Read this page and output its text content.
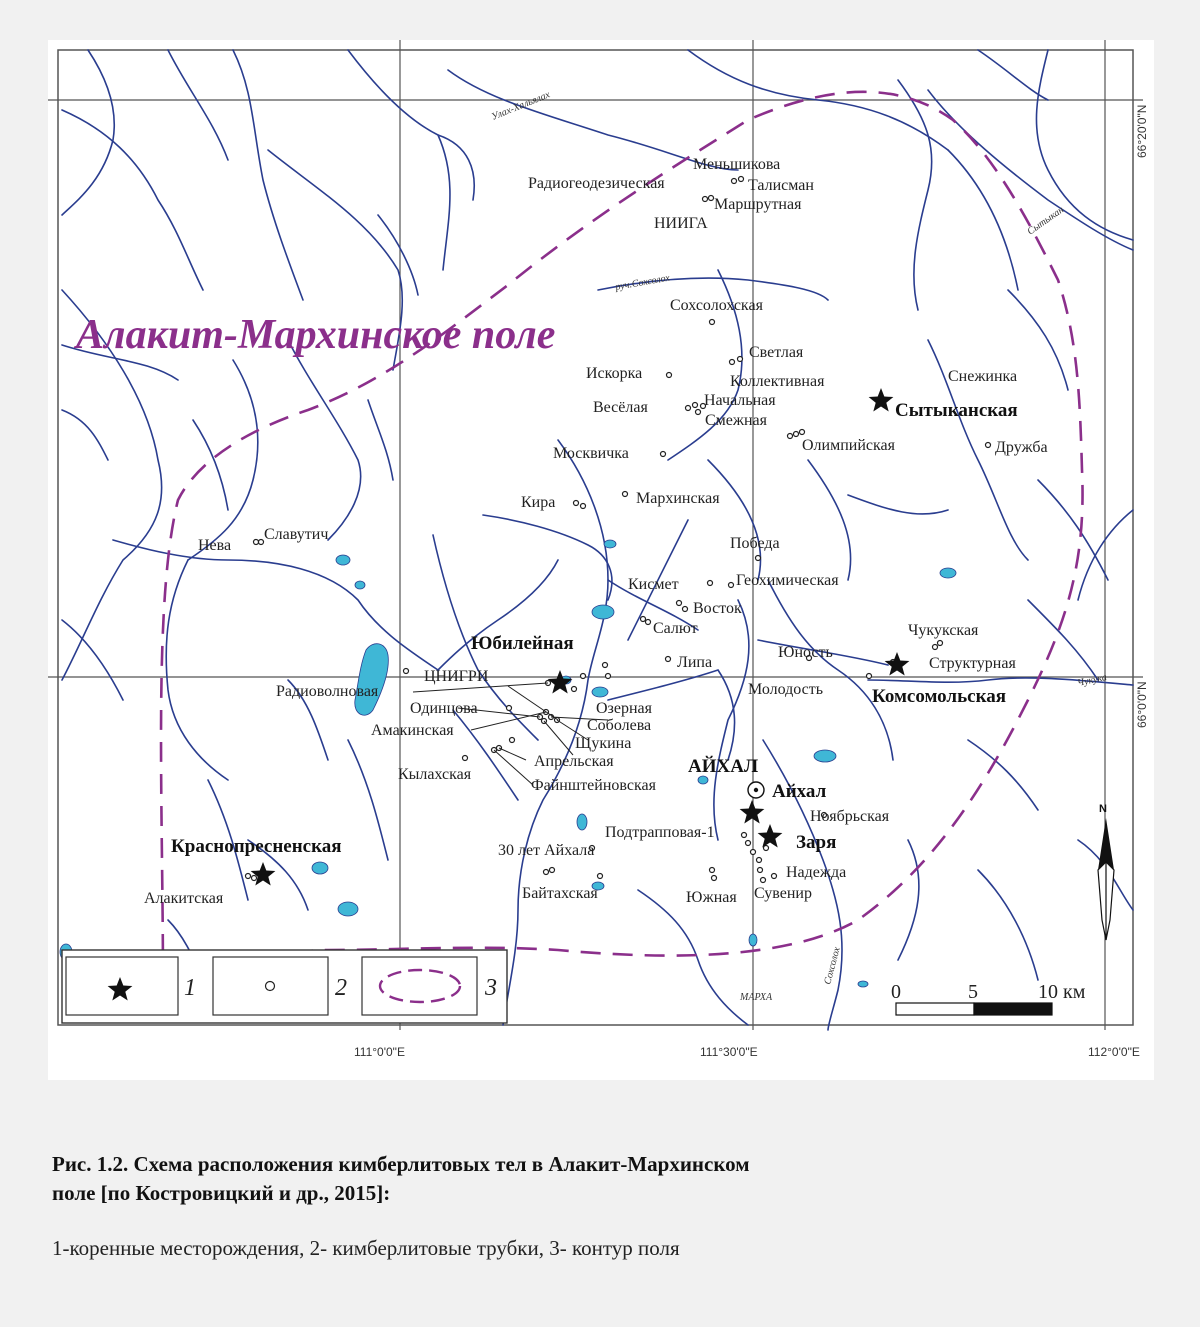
Алакит-Мархинское поле
Улах-Хальялах
руч.Сохсолох
Сытыкан
Чукука
МАРХА
Сохсолох
АЙХАЛ
Сытыканская
Юбилейная
Комсомольская
Айхал
Заря
Краснопресненская
Меньшикова
Радиогеодезическая	Талисман
Маршрутная
НИИГА
Сохсолохская
Светлая
Искорка	Коллективная
Весёлая	Начальная
Смежная
Олимпийская
Снежинка
Дружба
Москвичка
Кира	Мархинская
Нева
Славутич
Победа
Кисмет	Геохимическая
Восток
Салют	Чукукская
Юность
Структурная
Липа
ЦНИГРИ
Молодость
Радиоволновая
Озерная
Одинцова
Соболева
Амакинская
Щукина
Апрельская
Кылахская
Файнштейновская
Ноябрьская
Подтрапповая-1
30 лет Айхала
Надежда
Алакитская	Байтахская	Южная Сувенир
111°0'0"E	111°30'0"E	112°0'0"E
66°20'0"N
66°0'0"N
1	2	3	0	5	10 км
N

Рис. 1.2. Схема расположения кимберлитовых тел в Алакит-Мархинском
поле [по Костровицкий и др., 2015]:

1-коренные месторождения, 2- кимберлитовые трубки, 3- контур поля
